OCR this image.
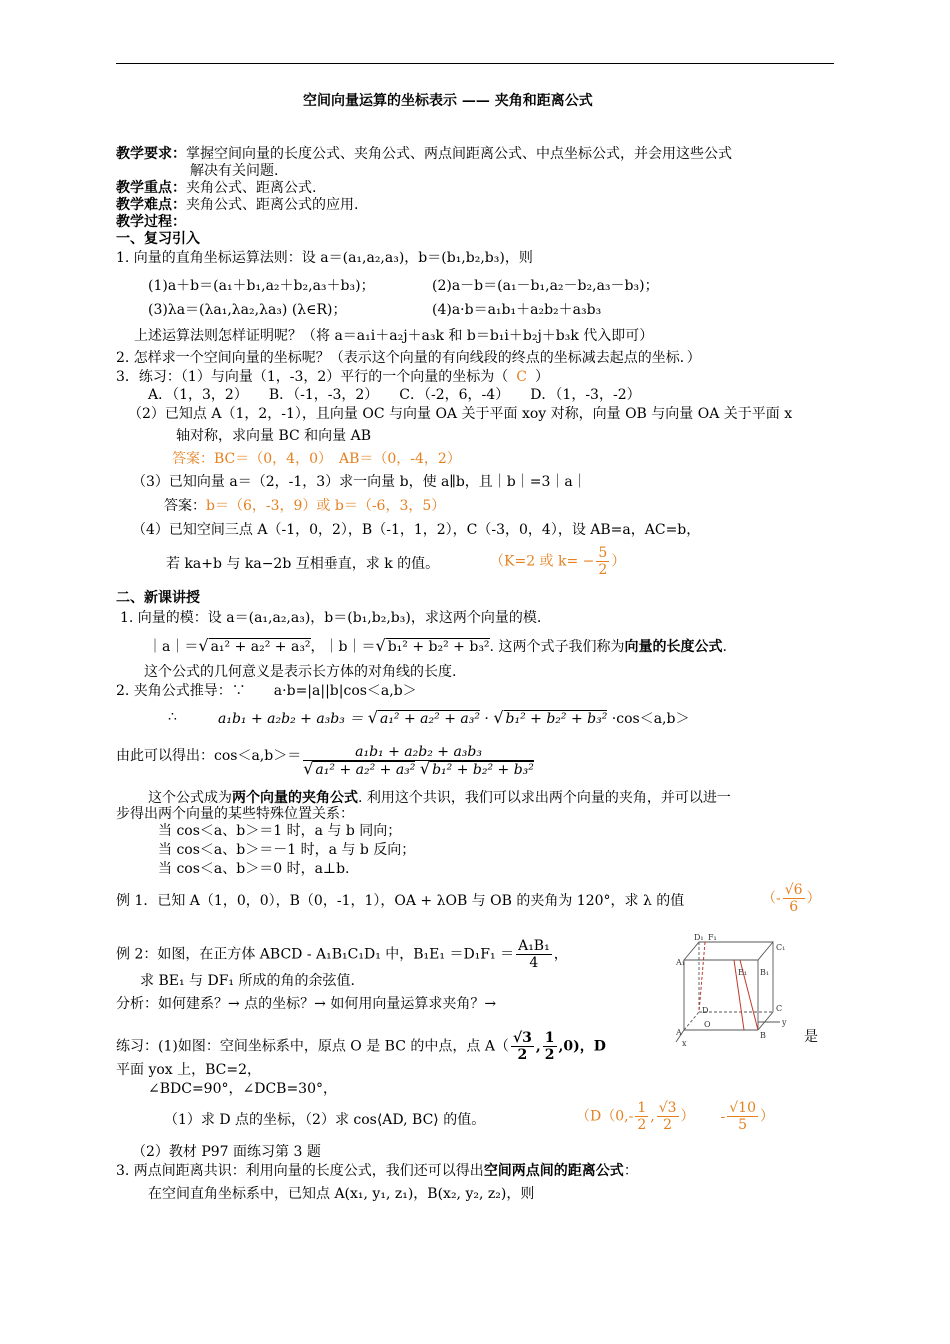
空间向量运算的坐标表示 —— 夹角和距离公式
教学要求：掌握空间向量的长度公式、夹角公式、两点间距离公式、中点坐标公式，并会用这些公式
解决有关问题.
教学重点：夹角公式、距离公式.
教学难点：夹角公式、距离公式的应用.
教学过程：
一、复习引入
1. 向量的直角坐标运算法则：设 a＝(a₁,a₂,a₃)，b＝(b₁,b₂,b₃)，则
(1)a＋b＝(a₁＋b₁,a₂＋b₂,a₃＋b₃)；	(2)a－b＝(a₁－b₁,a₂－b₂,a₃－b₃)；
(3)λa＝(λa₁,λa₂,λa₃) (λ∈R)；	(4)a·b＝a₁b₁＋a₂b₂＋a₃b₃
上述运算法则怎样证明呢？（将 a＝a₁i＋a₂j＋a₃k 和 b＝b₁i＋b₂j＋b₃k 代入即可）
2. 怎样求一个空间向量的坐标呢？（表示这个向量的有向线段的终点的坐标减去起点的坐标．）
3．练习：（1）与向量（1，-3，2）平行的一个向量的坐标为（ C ）
A．（1，3，2）　　B．（-1，-3，2）　　C．（-2，6，-4）　　D．（1，-3，-2）
（2）已知点 A（1，2，-1），且向量 OC 与向量 OA 关于平面 xoy 对称，向量 OB 与向量 OA 关于平面 x
轴对称，求向量 BC 和向量 AB
答案：BC＝（0，4，0）　AB＝（0，-4，2）
（3）已知向量 a＝（2，-1，3）求一向量 b，使 a∥b，且｜b｜=3｜a｜
答案：b＝（6，-3，9）或 b＝（-6，3，5）
（4）已知空间三点 A（-1，0，2），B（-1，1，2），C（-3，0，4），设 AB=a，AC=b，
若 ka+b 与 ka−2b 互相垂直，求 k 的值。	（K=2 或 $k= - \frac{5}{2}$ ）
二、新课讲授
1. 向量的模：设 a＝(a₁,a₂,a₃)，b＝(b₁,b₂,b₃)，求这两个向量的模.
｜a｜＝√ a₁² + a₂² + a₃²，｜b｜＝√ b₁² + b₂² + b₃². 这两个式子我们称为向量的长度公式.
这个公式的几何意义是表示长方体的对角线的长度.
2. 夹角公式推导：∵　　a·b=|a||b|cos＜a,b＞
∴	a₁b₁ + a₂b₂ + a₃b₃ ＝ √ a₁² + a₂² + a₃² · √ b₁² + b₂² + b₃² ·cos＜a,b＞
由此可以得出：$\cos<a,b>= \frac{\text{a₁b₁ + a₂b₂ + a₃b₃}}{\text{√ a₁² + a₂² + a₃² √ b₁² + b₂² + b₃²}}$
这个公式成为两个向量的夹角公式. 利用这个共识，我们可以求出两个向量的夹角，并可以进一
步得出两个向量的某些特殊位置关系：
当 cos＜a、b＞＝1 时，a 与 b 同向；
当 cos＜a、b＞＝－1 时，a 与 b 反向；
当 cos＜a、b＞＝0 时，a⊥b.
例 1．已知 A（1，0，0），B（0，-1，1），OA + λOB 与 OB 的夹角为 120°，求 λ 的值	（- $\frac{√6}{6}$ ）
例 2：如图，在正方体 ABCD - A₁B₁C₁D₁ 中，$B_1E_1 =D_1F_1 = \frac{\text{A₁B₁}}{4}$ ，
求 BE₁ 与 DF₁ 所成的角的余弦值.
分析：如何建系？→ 点的坐标？→ 如何用向量运算求夹角？→
D₁ F₁
C₁
A₁
E₁ B₁
D	C
O
A	B
x
y
练习：(1)如图：空间坐标系中，原点 O 是 BC 的中点，点 $A( \frac{√3}{2}$ , $\frac{1}{2} ,0$)，D
是
平面 yox 上，BC=2，
∠BDC=90°，∠DCB=30°，
（1）求 D 点的坐标，（2）求 cos⟨AD, BC⟩ 的值。	（$D(0,- \frac{1}{2}$ , $\frac{√3}{2}$ ） - $\frac{√10}{5}$ ）
（2）教材 P97 面练习第 3 题
3. 两点间距离共识：利用向量的长度公式，我们还可以得出空间两点间的距离公式：
在空间直角坐标系中，已知点 A(x₁, y₁, z₁)，B(x₂, y₂, z₂)，则
